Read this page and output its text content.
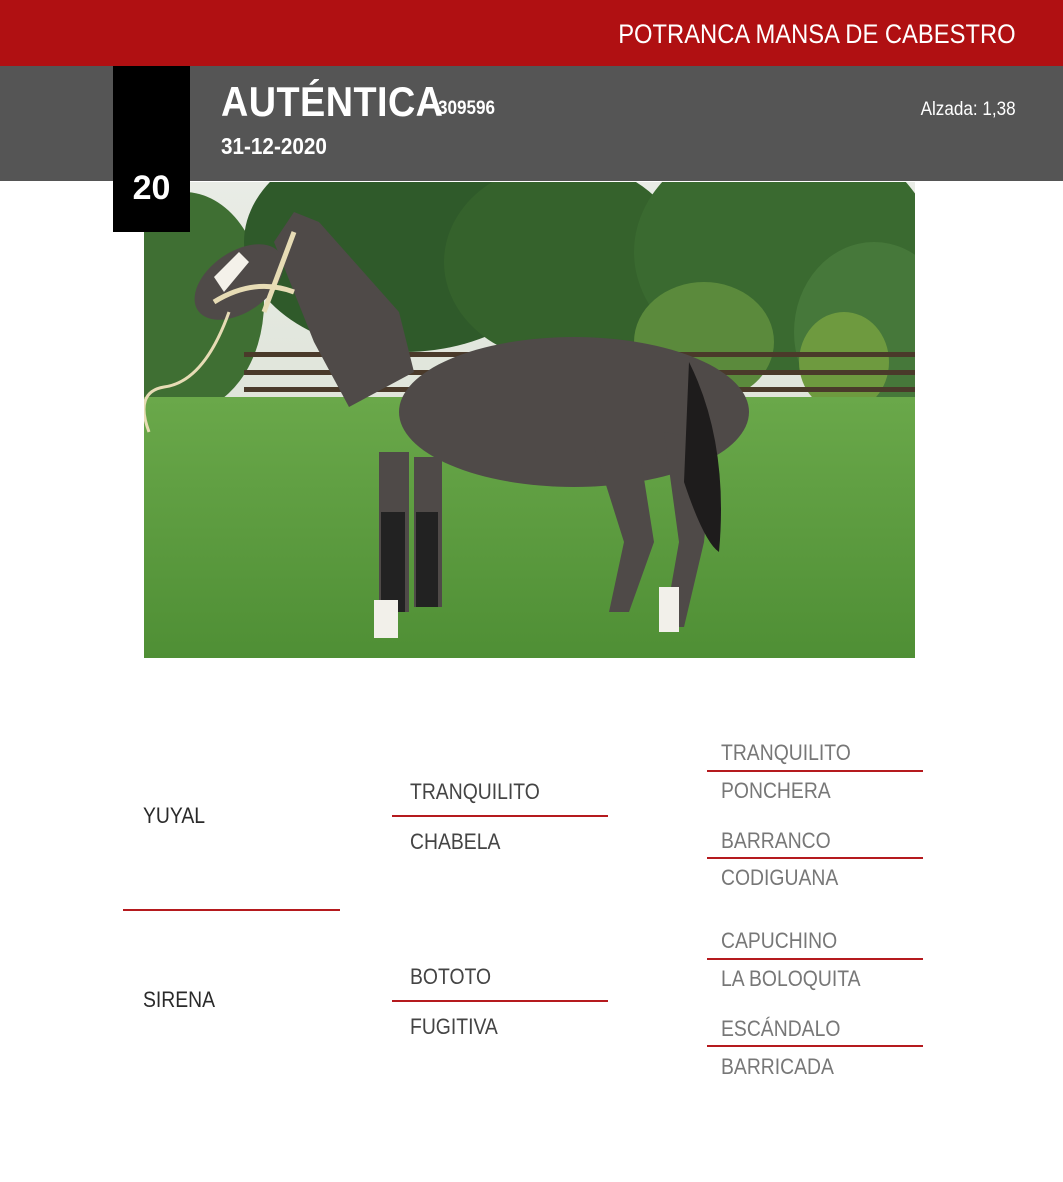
POTRANCA MANSA DE CABESTRO
AUTÉNTICA
309596
31-12-2020
Alzada: 1,38
20
YUYAL
SIRENA
TRANQUILITO
CHABELA
BOTOTO
FUGITIVA
TRANQUILITO
PONCHERA
BARRANCO
CODIGUANA
CAPUCHINO
LA BOLOQUITA
ESCÁNDALO
BARRICADA
